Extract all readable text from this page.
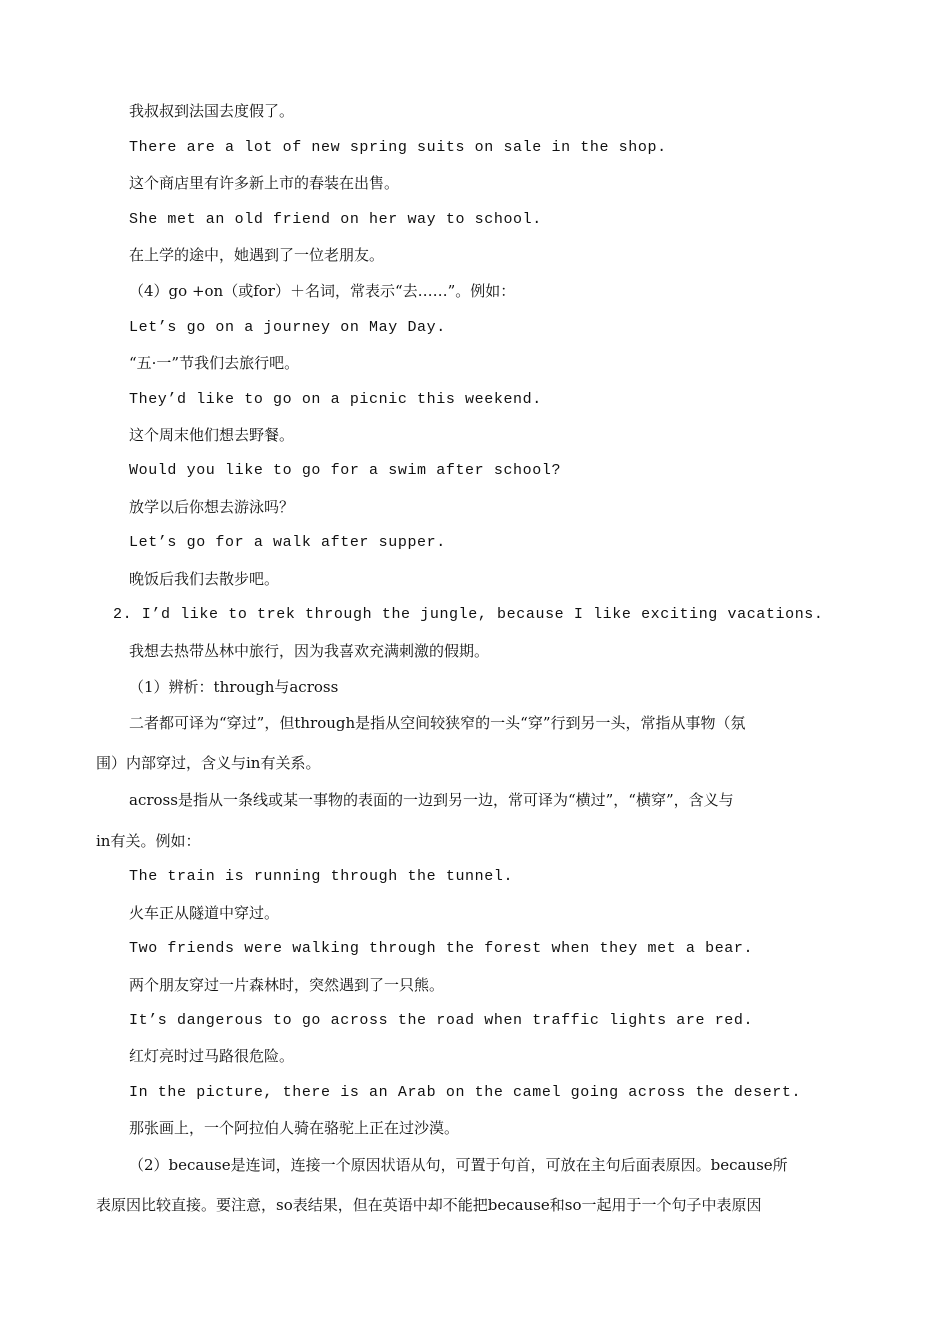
我叔叔到法国去度假了。
There are a lot of new spring suits on sale in the shop.
这个商店里有许多新上市的春装在出售。
She met an old friend on her way to school.
在上学的途中，她遇到了一位老朋友。
（4）go +on（或for）＋名词，常表示“去……”。例如：
Let’s go on a journey on May Day.
“五·一”节我们去旅行吧。
They’d like to go on a picnic this weekend.
这个周末他们想去野餐。
Would you like to go for a swim after school?
放学以后你想去游泳吗？
Let’s go for a walk after supper.
晚饭后我们去散步吧。
2. I’d like to trek through the jungle, because I like exciting vacations.
我想去热带丛林中旅行，因为我喜欢充满刺激的假期。
（1）辨析：through与across
二者都可译为“穿过”，但through是指从空间较狭窄的一头“穿”行到另一头，常指从事物（氛
围）内部穿过，含义与in有关系。
across是指从一条线或某一事物的表面的一边到另一边，常可译为“横过”，“横穿”，含义与
in有关。例如：
The train is running through the tunnel.
火车正从隧道中穿过。
Two friends were walking through the forest when they met a bear.
两个朋友穿过一片森林时，突然遇到了一只熊。
It’s dangerous to go across the road when traffic lights are red.
红灯亮时过马路很危险。
In the picture, there is an Arab on the camel going across the desert.
那张画上，一个阿拉伯人骑在骆驼上正在过沙漠。
（2）because是连词，连接一个原因状语从句，可置于句首，可放在主句后面表原因。because所
表原因比较直接。要注意，so表结果，但在英语中却不能把because和so一起用于一个句子中表原因
